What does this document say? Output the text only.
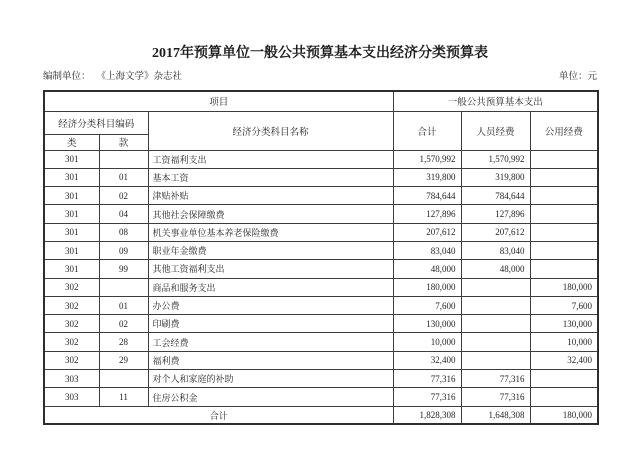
2017年预算单位一般公共预算基本支出经济分类预算表
编制单位： 《上海文学》杂志社	单位：元
项目			一般公共预算基本支出		
经济分类科目编码		经济分类科目名称	合计	人员经费	公用经费
类	款				
301		工资福利支出	1,570,992	1,570,992	
301	01	基本工资	319,800	319,800	
301	02	津贴补贴	784,644	784,644	
301	04	其他社会保障缴费	127,896	127,896	
301	08	机关事业单位基本养老保险缴费	207,612	207,612	
301	09	职业年金缴费	83,040	83,040	
301	99	其他工资福利支出	48,000	48,000	
302		商品和服务支出	180,000		180,000
302	01	办公费	7,600		7,600
302	02	印刷费	130,000		130,000
302	28	工会经费	10,000		10,000
302	29	福利费	32,400		32,400
303		对个人和家庭的补助	77,316	77,316	
303	11	住房公积金	77,316	77,316	
合计			1,828,308	1,648,308	180,000
